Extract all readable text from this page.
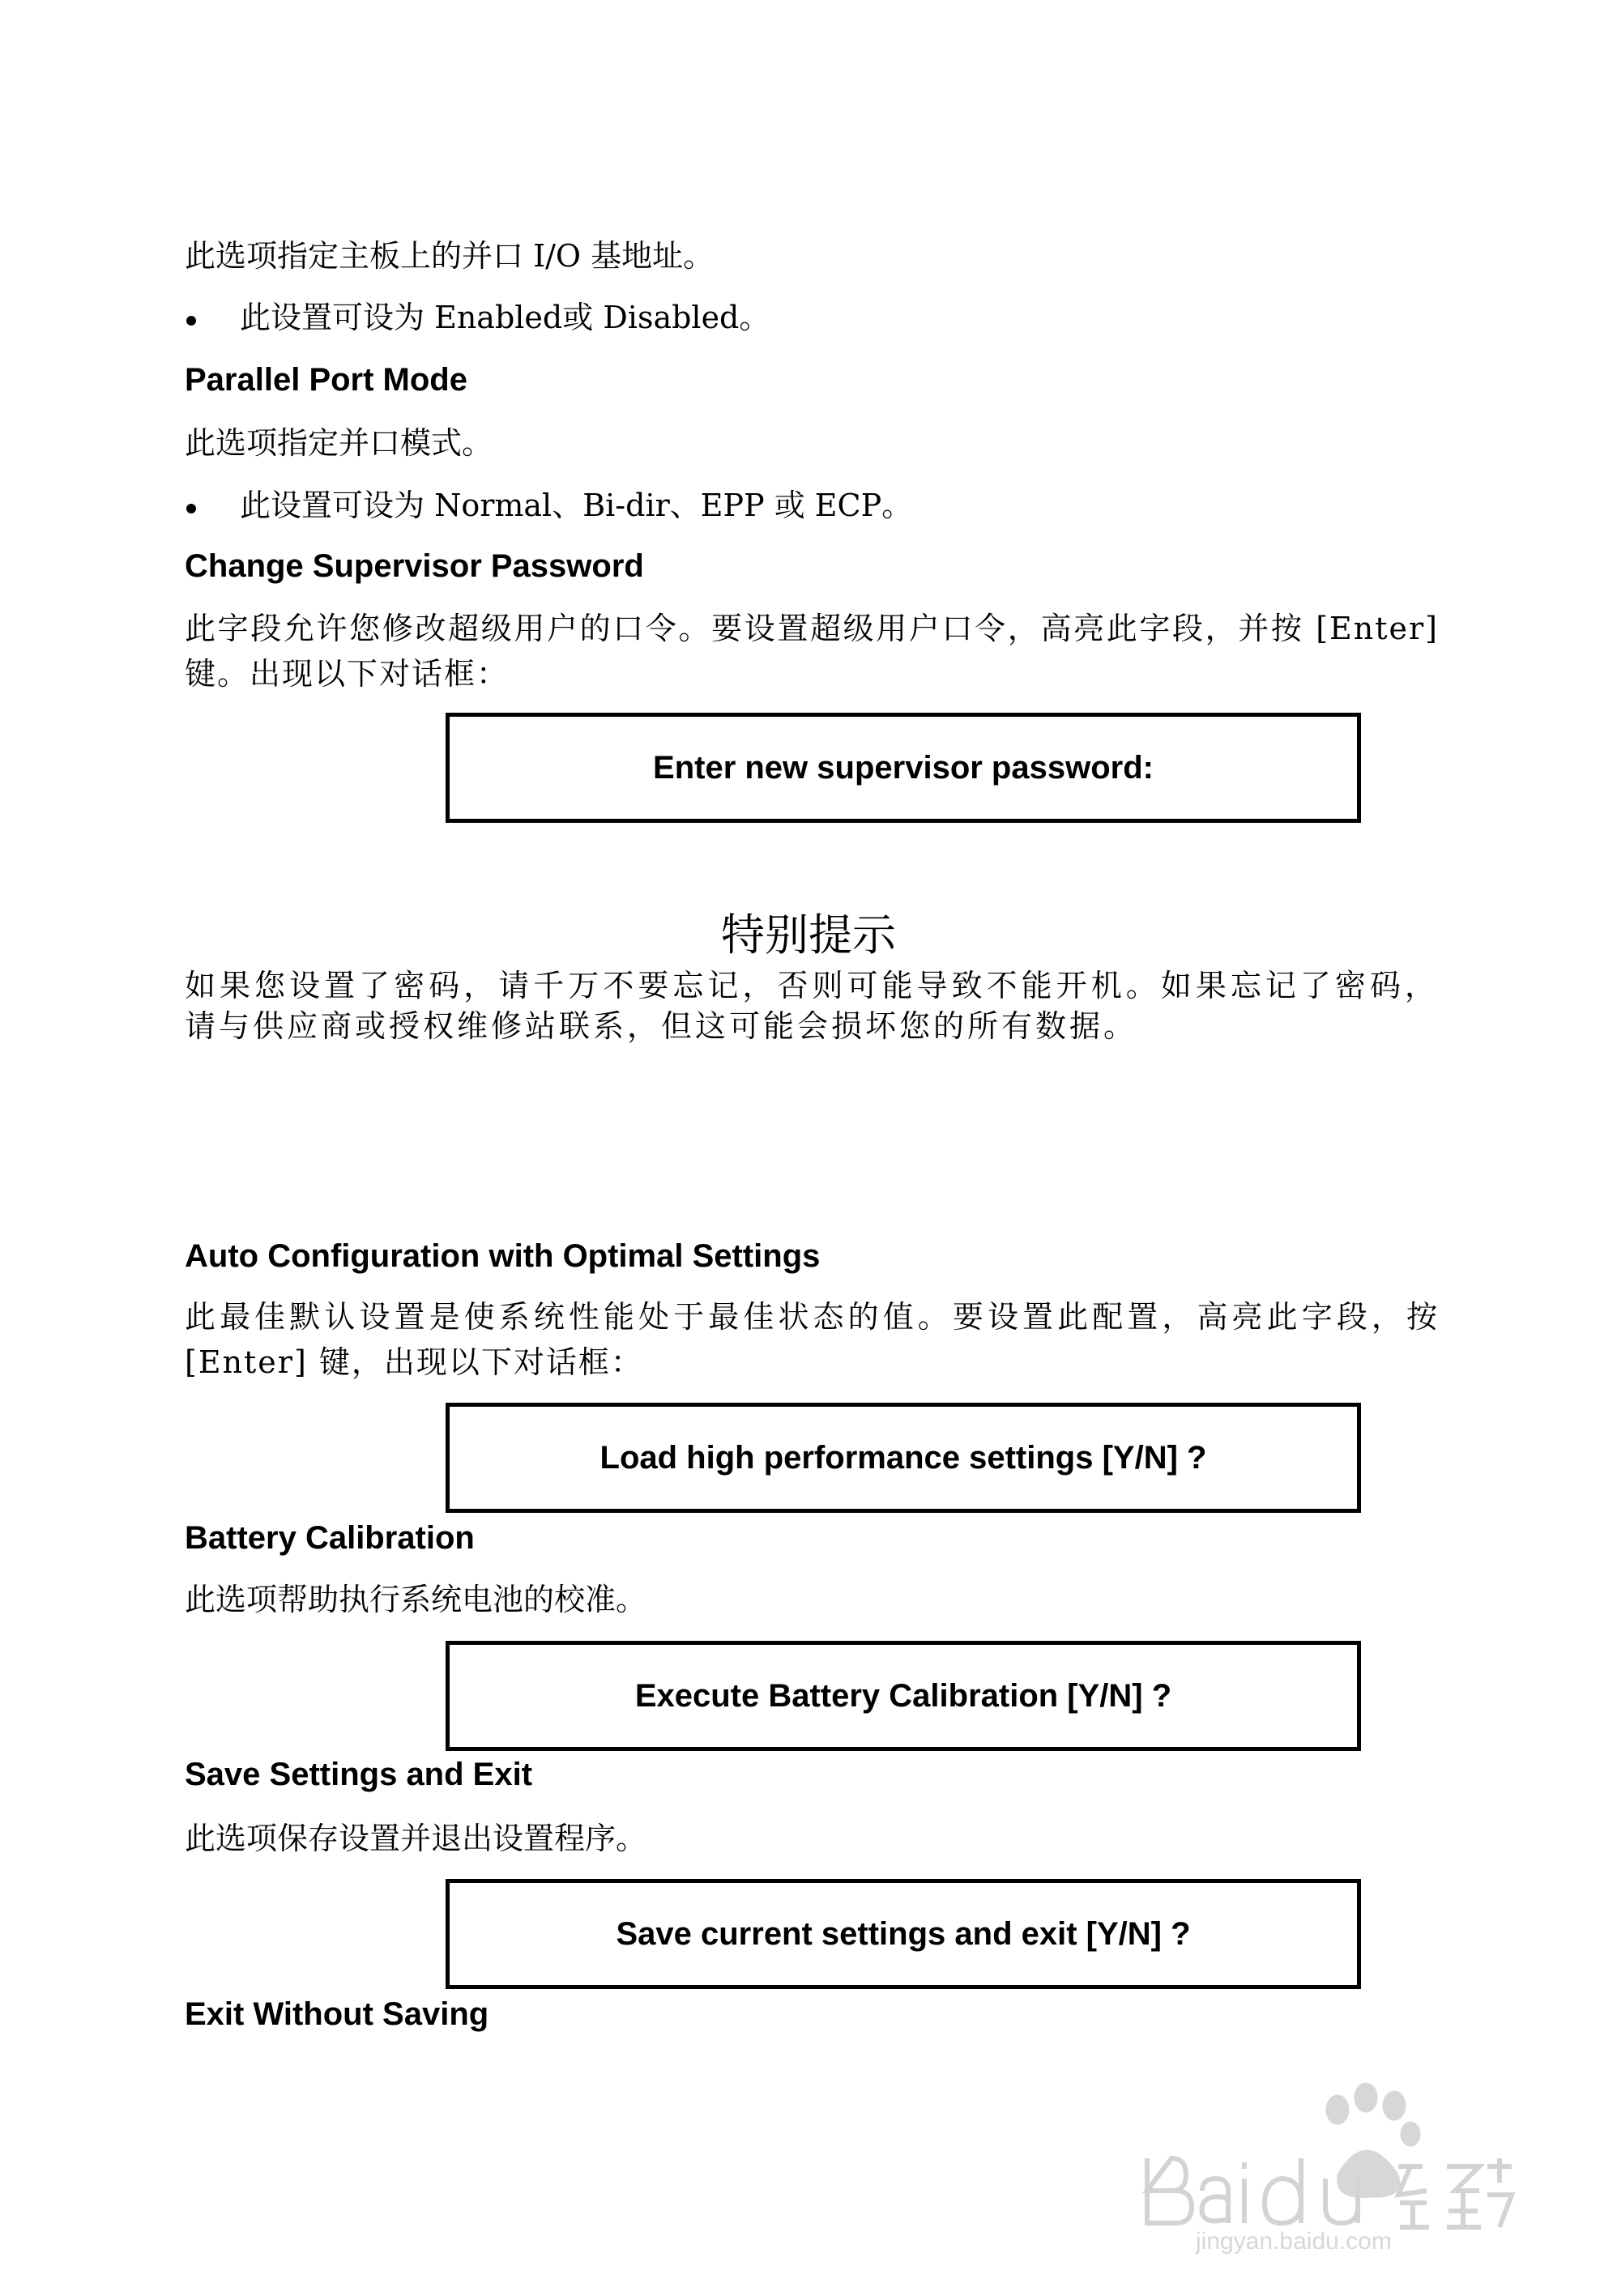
此选项指定主板上的并口 I/O 基地址。
此设置可设为 Enabled或 Disabled。
Parallel Port Mode
此选项指定并口模式。
此设置可设为 Normal、Bi-dir、EPP 或 ECP。
Change Supervisor Password
此字段允许您修改超级用户的口令。要设置超级用户口令，高亮此字段，并按 [Enter] 键。出现以下对话框：
Enter new supervisor password:
特别提示
如果您设置了密码，请千万不要忘记，否则可能导致不能开机。如果忘记了密码，请与供应商或授权维修站联系，但这可能会损坏您的所有数据。
Auto Configuration with Optimal Settings
此最佳默认设置是使系统性能处于最佳状态的值。要设置此配置，高亮此字段，按 [Enter] 键，出现以下对话框：
Load high performance settings [Y/N] ?
Battery Calibration
此选项帮助执行系统电池的校准。
Execute Battery Calibration [Y/N] ?
Save Settings and Exit
此选项保存设置并退出设置程序。
Save current settings and exit [Y/N] ?
Exit Without Saving
jingyan.baidu.com
